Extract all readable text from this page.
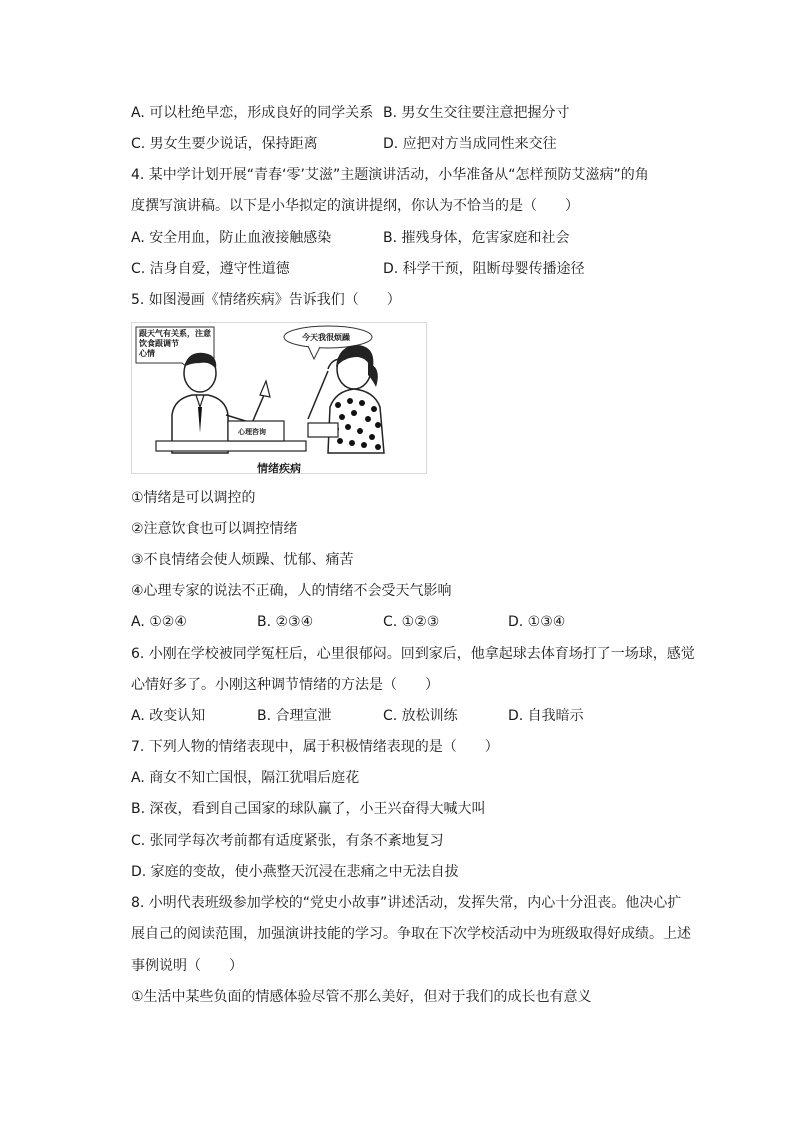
A. 可以杜绝早恋，形成良好的同学关系 B. 男女生交往要注意把握分寸
C. 男女生要少说话，保持距离	D. 应把对方当成同性来交往
4. 某中学计划开展“青春‘零’艾滋”主题演讲活动，小华准备从“怎样预防艾滋病”的角
度撰写演讲稿。以下是小华拟定的演讲提纲，你认为不恰当的是（　　）
A. 安全用血，防止血液接触感染	B. 摧残身体，危害家庭和社会
C. 洁身自爱，遵守性道德	D. 科学干预，阻断母婴传播途径
5. 如图漫画《情绪疾病》告诉我们（　　）
跟天气有关系，注意
饮食跟调节
心情
今天我很烦躁
心理咨询
情绪疾病
①情绪是可以调控的
②注意饮食也可以调控情绪
③不良情绪会使人烦躁、忧郁、痛苦
④心理专家的说法不正确，人的情绪不会受天气影响
A. ①②④	B. ②③④	C. ①②③	D. ①③④
6. 小刚在学校被同学冤枉后，心里很郁闷。回到家后，他拿起球去体育场打了一场球，感觉
心情好多了。小刚这种调节情绪的方法是（　　）
A. 改变认知	B. 合理宣泄	C. 放松训练	D. 自我暗示
7. 下列人物的情绪表现中，属于积极情绪表现的是（　　）
A. 商女不知亡国恨，隔江犹唱后庭花
B. 深夜，看到自己国家的球队赢了，小王兴奋得大喊大叫
C. 张同学每次考前都有适度紧张，有条不紊地复习
D. 家庭的变故，使小燕整天沉浸在悲痛之中无法自拔
8. 小明代表班级参加学校的“党史小故事”讲述活动，发挥失常，内心十分沮丧。他决心扩
展自己的阅读范围，加强演讲技能的学习。争取在下次学校活动中为班级取得好成绩。上述
事例说明（　　）
①生活中某些负面的情感体验尽管不那么美好，但对于我们的成长也有意义
